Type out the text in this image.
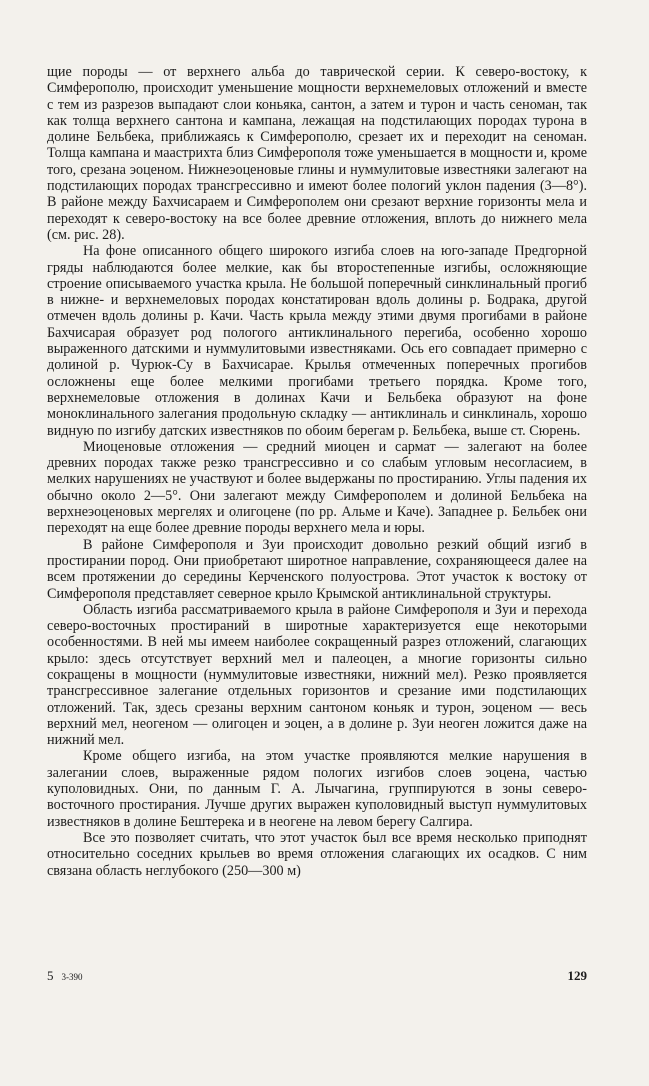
щие породы — от верхнего альба до таврической серии. К северо-востоку, к Симферополю, происходит уменьшение мощности верхнемеловых отложений и вместе с тем из разрезов выпадают слои коньяка, сантон, а затем и турон и часть сеноман, так как толща верхнего сантона и кампана, лежащая на подстилающих породах турона в долине Бельбека, приближаясь к Симферополю, срезает их и переходит на сеноман. Толща кампана и маастрихта близ Симферополя тоже уменьшается в мощности и, кроме того, срезана эоценом. Нижнеэоценовые глины и нуммулитовые известняки залегают на подстилающих породах трансгрессивно и имеют более пологий уклон падения (3—8°). В районе между Бахчисараем и Симферополем они срезают верхние горизонты мела и переходят к северо-востоку на все более древние отложения, вплоть до нижнего мела (см. рис. 28).

На фоне описанного общего широкого изгиба слоев на юго-западе Предгорной гряды наблюдаются более мелкие, как бы второстепенные изгибы, осложняющие строение описываемого участка крыла. Не большой поперечный синклинальный прогиб в нижне- и верхнемеловых породах констатирован вдоль долины р. Бодрака, другой отмечен вдоль долины р. Качи. Часть крыла между этими двумя прогибами в районе Бахчисарая образует род пологого антиклинального перегиба, особенно хорошо выраженного датскими и нуммулитовыми известняками. Ось его совпадает примерно с долиной р. Чурюк-Су в Бахчисарае. Крылья отмеченных поперечных прогибов осложнены еще более мелкими прогибами третьего порядка. Кроме того, верхнемеловые отложения в долинах Качи и Бельбека образуют на фоне моноклинального залегания продольную складку — антиклиналь и синклиналь, хорошо видную по изгибу датских известняков по обоим берегам р. Бельбека, выше ст. Сюрень.

Миоценовые отложения — средний миоцен и сармат — залегают на более древних породах также резко трансгрессивно и со слабым угловым несогласием, в мелких нарушениях не участвуют и более выдержаны по простиранию. Углы падения их обычно около 2—5°. Они залегают между Симферополем и долиной Бельбека на верхнеэоценовых мергелях и олигоцене (по рр. Альме и Каче). Западнее р. Бельбек они переходят на еще более древние породы верхнего мела и юры.

В районе Симферополя и Зуи происходит довольно резкий общий изгиб в простирании пород. Они приобретают широтное направление, сохраняющееся далее на всем протяжении до середины Керченского полуострова. Этот участок к востоку от Симферополя представляет северное крыло Крымской антиклинальной структуры.

Область изгиба рассматриваемого крыла в районе Симферополя и Зуи и перехода северо-восточных простираний в широтные характеризуется еще некоторыми особенностями. В ней мы имеем наиболее сокращенный разрез отложений, слагающих крыло: здесь отсутствует верхний мел и палеоцен, а многие горизонты сильно сокращены в мощности (нуммулитовые известняки, нижний мел). Резко проявляется трансгрессивное залегание отдельных горизонтов и срезание ими подстилающих отложений. Так, здесь срезаны верхним сантоном коньяк и турон, эоценом — весь верхний мел, неогеном — олигоцен и эоцен, а в долине р. Зуи неоген ложится даже на нижний мел.

Кроме общего изгиба, на этом участке проявляются мелкие нарушения в залегании слоев, выраженные рядом пологих изгибов слоев эоцена, частью куполовидных. Они, по данным Г. А. Лычагина, группируются в зоны северо-восточного простирания. Лучше других выражен куполовидный выступ нуммулитовых известняков в долине Бештерека и в неогене на левом берегу Салгира.

Все это позволяет считать, что этот участок был все время несколько приподнят относительно соседних крыльев во время отложения слагающих их осадков. С ним связана область неглубокого (250—300 м)

5 3-390	129
